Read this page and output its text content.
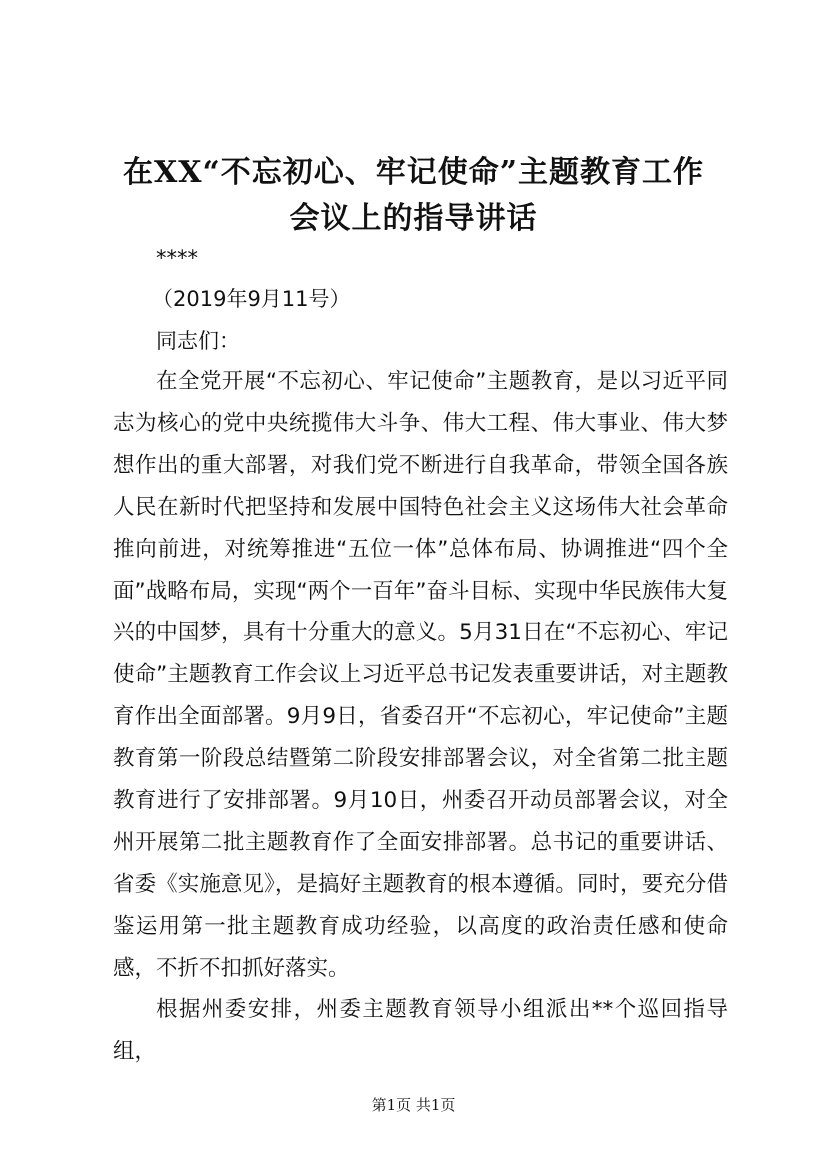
在XX“不忘初心、牢记使命”主题教育工作
会议上的指导讲话
****
（2019年9月11号）
同志们：

在全党开展“不忘初心、牢记使命”主题教育，是以习近平同志为核心的党中央统揽伟大斗争、伟大工程、伟大事业、伟大梦想作出的重大部署，对我们党不断进行自我革命，带领全国各族人民在新时代把坚持和发展中国特色社会主义这场伟大社会革命推向前进，对统筹推进“五位一体”总体布局、协调推进“四个全面”战略布局，实现“两个一百年”奋斗目标、实现中华民族伟大复兴的中国梦，具有十分重大的意义。5月31日在“不忘初心、牢记使命”主题教育工作会议上习近平总书记发表重要讲话，对主题教育作出全面部署。9月9日，省委召开“不忘初心，牢记使命”主题教育第一阶段总结暨第二阶段安排部署会议，对全省第二批主题教育进行了安排部署。9月10日，州委召开动员部署会议，对全州开展第二批主题教育作了全面安排部署。总书记的重要讲话、省委《实施意见》，是搞好主题教育的根本遵循。同时，要充分借鉴运用第一批主题教育成功经验，以高度的政治责任感和使命感，不折不扣抓好落实。

根据州委安排，州委主题教育领导小组派出**个巡回指导组，

第1页 共1页
